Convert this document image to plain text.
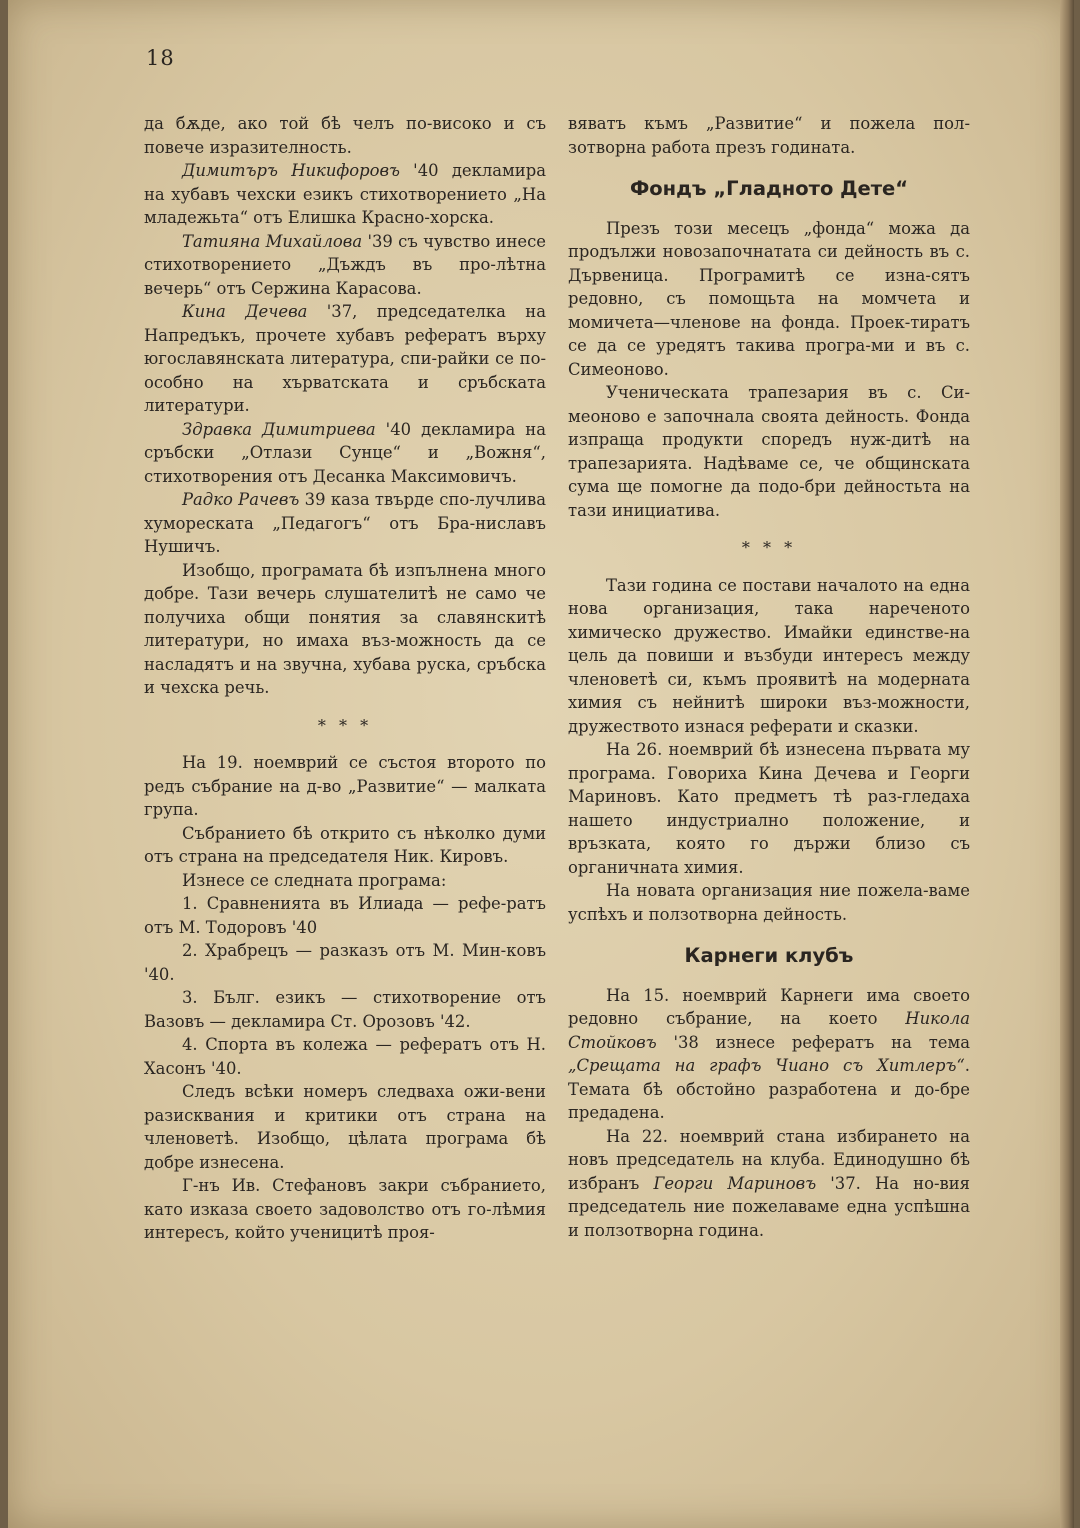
18

да бѫде, ако той бѣ челъ по-високо и съ повече изразителность.

Димитъръ Никифоровъ '40 декламира на хубавъ чехски езикъ стихотворението „На младежьта“ отъ Елишка Красно-хорска.

Татияна Михайлова '39 съ чувство инесе стихотворението „Дъждъ въ про-лѣтна вечерь“ отъ Сержина Карасова.

Кина Дечева '37, председателка на Напредъкъ, прочете хубавъ рефератъ върху югославянската литература, спи-райки се по-особно на хърватската и сръбската литератури.

Здравка Димитриева '40 декламира на сръбски „Отлази Сунце“ и „Вожня“, стихотворения отъ Десанка Максимовичъ.

Радко Рачевъ 39 каза твърде спо-лучлива хумореската „Педагогъ“ отъ Бра-ниславъ Нушичъ.

Изобщо, програмата бѣ изпълнена много добре. Тази вечерь слушателитѣ не само че получиха общи понятия за славянскитѣ литератури, но имаха въз-можность да се насладятъ и на звучна, хубава руска, сръбска и чехска речь.

* * *

На 19. ноемврий се състоя второто по редъ събрание на д-во „Развитие“ — малката група.

Събранието бѣ открито съ нѣколко думи отъ страна на председателя Ник. Кировъ.

Изнесе се следната програма:

1. Сравненията въ Илиада — рефе-ратъ отъ М. Тодоровъ '40

2. Храбрецъ — разказъ отъ М. Мин-ковъ '40.

3. Бълг. езикъ — стихотворение отъ Вазовъ — декламира Ст. Орозовъ '42.

4. Спорта въ колежа — рефератъ отъ Н. Хасонъ '40.

Следъ всѣки номеръ следваха ожи-вени разисквания и критики отъ страна на членоветѣ. Изобщо, цѣлата програма бѣ добре изнесена.

Г-нъ Ив. Стефановъ закри събранието, като изказа своето задоволство отъ го-лѣмия интересъ, който ученицитѣ проя-

вяватъ къмъ „Развитие“ и пожела пол-зотворна работа презъ годината.

Фондъ „Гладното Дете“

Презъ този месецъ „фонда“ можа да продължи новозапочнатата си дейность въ с. Дървеница. Програмитѣ се изна-сятъ редовно, съ помощьта на момчета и момичета—членове на фонда. Проек-тиратъ се да се уредятъ такива програ-ми и въ с. Симеоново.

Ученическата трапезария въ с. Си-меоново е започнала своята дейность. Фонда изпраща продукти споредъ нуж-дитѣ на трапезарията. Надѣваме се, че общинската сума ще помогне да подо-бри дейностьта на тази инициатива.

* * *

Тази година се постави началото на една нова организация, така нареченото химическо дружество. Имайки единстве-на цель да повиши и възбуди интересъ между членоветѣ си, къмъ проявитѣ на модерната химия съ нейнитѣ широки въз-можности, дружеството изнася реферати и сказки.

На 26. ноемврий бѣ изнесена първата му програма. Говориха Кина Дечева и Георги Мариновъ. Като предметъ тѣ раз-гледаха нашето индустриално положение, и връзката, която го държи близо съ органичната химия.

На новата организация ние пожела-ваме успѣхъ и ползотворна дейность.

Карнеги клубъ

На 15. ноемврий Карнеги има своето редовно събрание, на което Никола Стойковъ '38 изнесе рефератъ на тема „Срещата на графъ Чиано съ Хитлеръ“. Темата бѣ обстойно разработена и до-бре предадена.

На 22. ноемврий стана избирането на новъ председатель на клуба. Единодушно бѣ избранъ Георги Мариновъ '37. На но-вия председатель ние пожелаваме една успѣшна и ползотворна година.
